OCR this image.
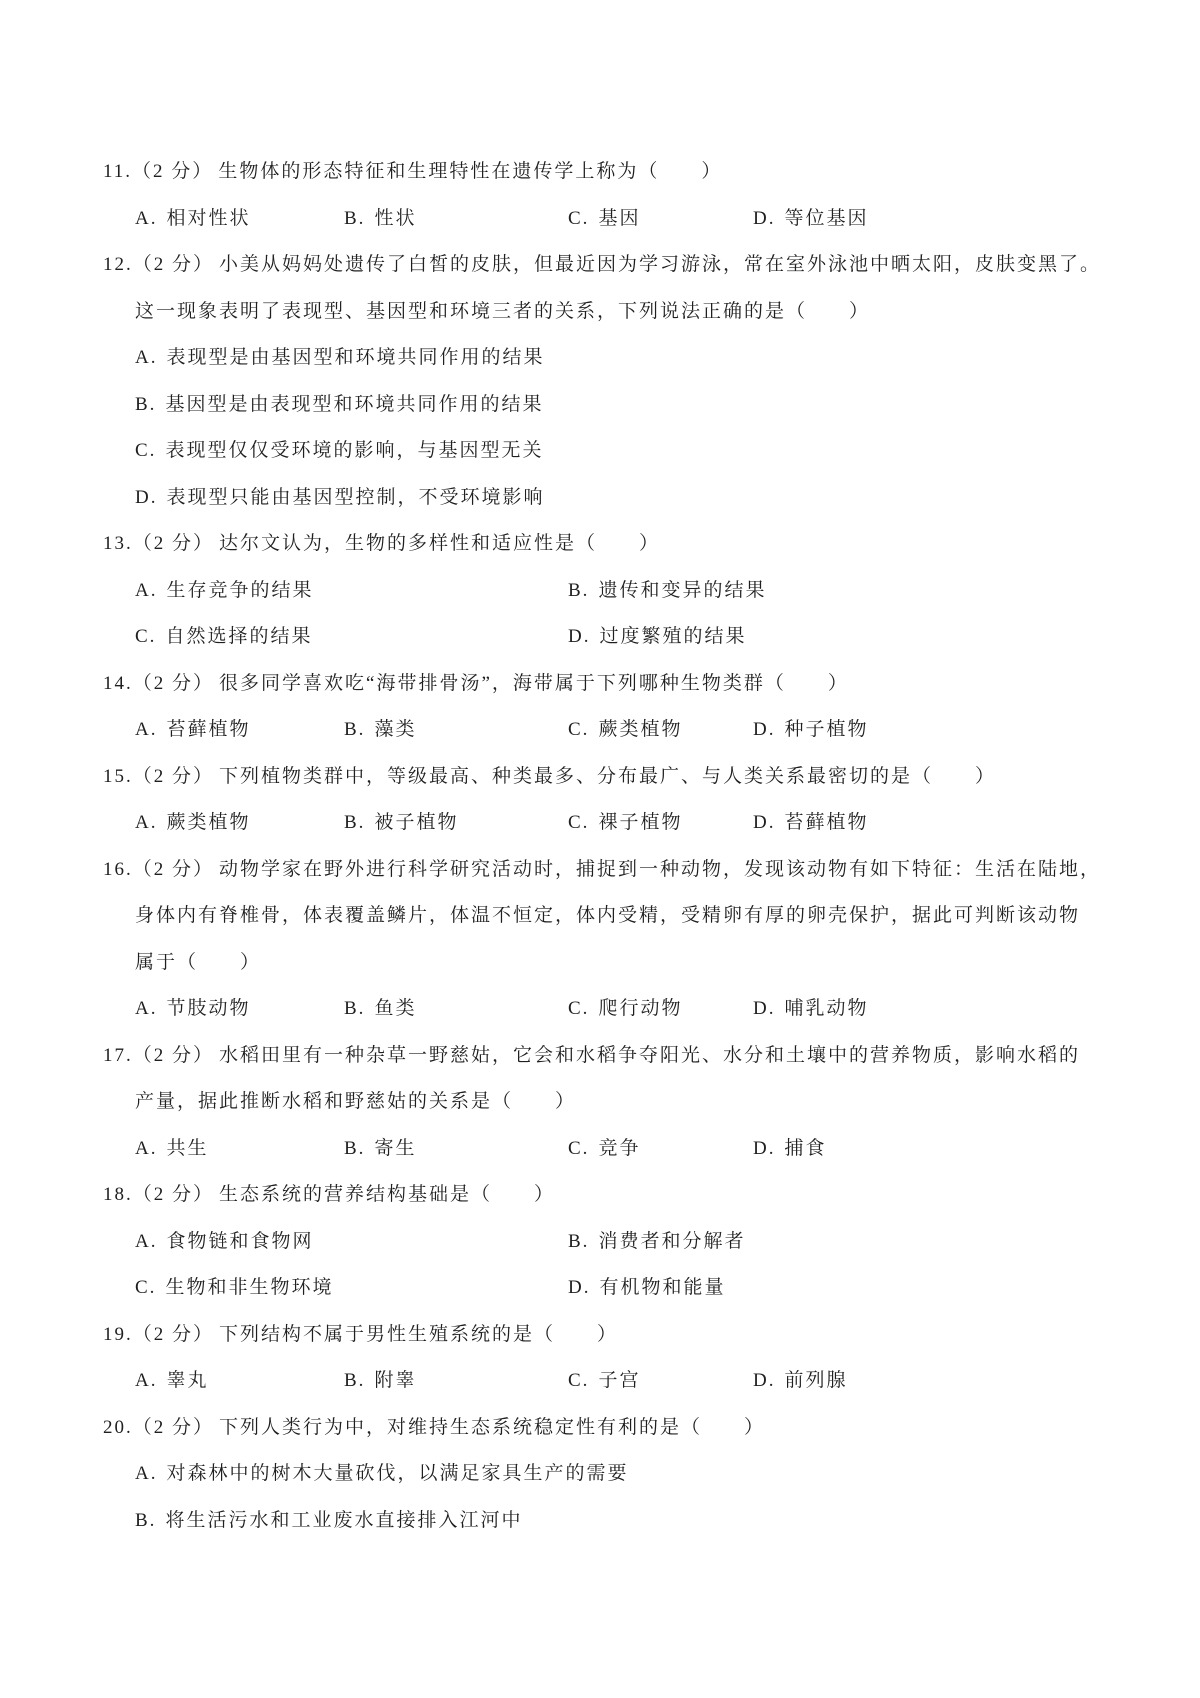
11.（2 分） 生物体的形态特征和生理特性在遗传学上称为（　　）
A. 相对性状	B. 性状	C. 基因	D. 等位基因
12.（2 分） 小美从妈妈处遗传了白皙的皮肤，但最近因为学习游泳，常在室外泳池中晒太阳，皮肤变黑了。
这一现象表明了表现型、基因型和环境三者的关系，下列说法正确的是（　　）
A. 表现型是由基因型和环境共同作用的结果
B. 基因型是由表现型和环境共同作用的结果
C. 表现型仅仅受环境的影响，与基因型无关
D. 表现型只能由基因型控制，不受环境影响
13.（2 分） 达尔文认为，生物的多样性和适应性是（　　）
A. 生存竞争的结果	B. 遗传和变异的结果
C. 自然选择的结果	D. 过度繁殖的结果
14.（2 分） 很多同学喜欢吃“海带排骨汤”，海带属于下列哪种生物类群（　　）
A. 苔藓植物	B. 藻类	C. 蕨类植物	D. 种子植物
15.（2 分） 下列植物类群中，等级最高、种类最多、分布最广、与人类关系最密切的是（　　）
A. 蕨类植物	B. 被子植物	C. 裸子植物	D. 苔藓植物
16.（2 分） 动物学家在野外进行科学研究活动时，捕捉到一种动物，发现该动物有如下特征：生活在陆地，
身体内有脊椎骨，体表覆盖鳞片，体温不恒定，体内受精，受精卵有厚的卵壳保护，据此可判断该动物
属于（　　）
A. 节肢动物	B. 鱼类	C. 爬行动物	D. 哺乳动物
17.（2 分） 水稻田里有一种杂草一野慈姑，它会和水稻争夺阳光、水分和土壤中的营养物质，影响水稻的
产量，据此推断水稻和野慈姑的关系是（　　）
A. 共生	B. 寄生	C. 竞争	D. 捕食
18.（2 分） 生态系统的营养结构基础是（　　）
A. 食物链和食物网	B. 消费者和分解者
C. 生物和非生物环境	D. 有机物和能量
19.（2 分） 下列结构不属于男性生殖系统的是（　　）
A. 睾丸	B. 附睾	C. 子宫	D. 前列腺
20.（2 分） 下列人类行为中，对维持生态系统稳定性有利的是（　　）
A. 对森林中的树木大量砍伐，以满足家具生产的需要
B. 将生活污水和工业废水直接排入江河中
